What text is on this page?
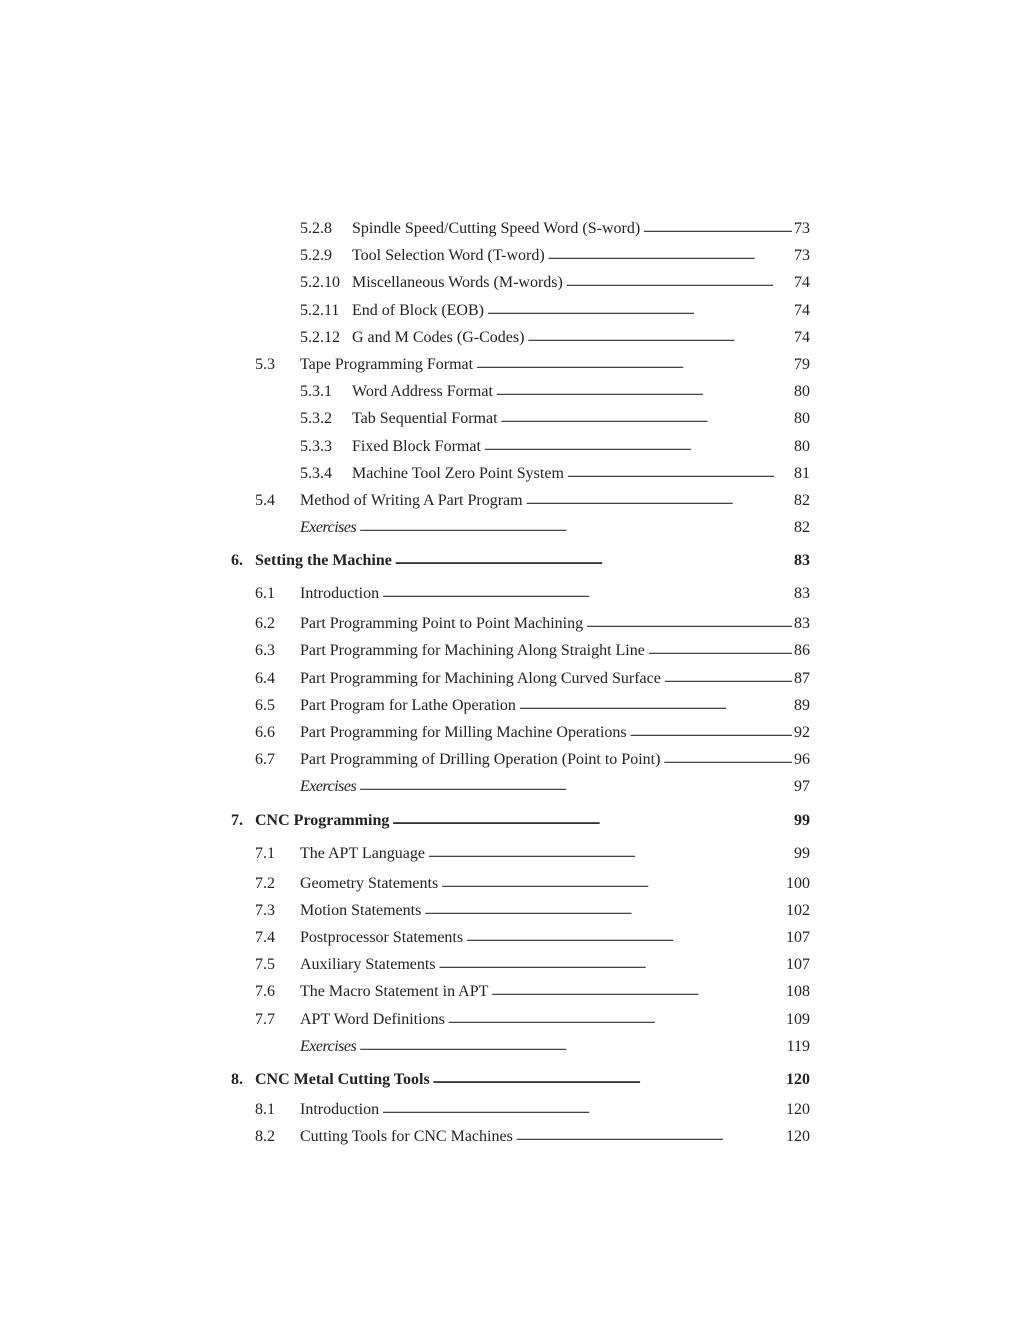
5.2.8 Spindle Speed/Cutting Speed Word (S-word) . . .	73
5.2.9 Tool Selection Word (T-word) . . .	73
5.2.10 Miscellaneous Words (M-words) . . .	74
5.2.11 End of Block (EOB) . . .	74
5.2.12 G and M Codes (G-Codes) . . .	74
5.3 Tape Programming Format . . .	79
5.3.1 Word Address Format . . .	80
5.3.2 Tab Sequential Format . . .	80
5.3.3 Fixed Block Format . . .	80
5.3.4 Machine Tool Zero Point System . . .	81
5.4 Method of Writing A Part Program . . .	82
Exercises . . .	82
6. Setting the Machine . . .	83
6.1 Introduction . . .	83
6.2 Part Programming Point to Point Machining . . .	83
6.3 Part Programming for Machining Along Straight Line . . .	86
6.4 Part Programming for Machining Along Curved Surface . . .	87
6.5 Part Program for Lathe Operation . . .	89
6.6 Part Programming for Milling Machine Operations . . .	92
6.7 Part Programming of Drilling Operation (Point to Point) . . .	96
Exercises . . .	97
7. CNC Programming . . .	99
7.1 The APT Language . . .	99
7.2 Geometry Statements . . .	100
7.3 Motion Statements . . .	102
7.4 Postprocessor Statements . . .	107
7.5 Auxiliary Statements . . .	107
7.6 The Macro Statement in APT . . .	108
7.7 APT Word Definitions . . .	109
Exercises . . .	119
8. CNC Metal Cutting Tools . . .	120
8.1 Introduction . . .	120
8.2 Cutting Tools for CNC Machines . . .	120
